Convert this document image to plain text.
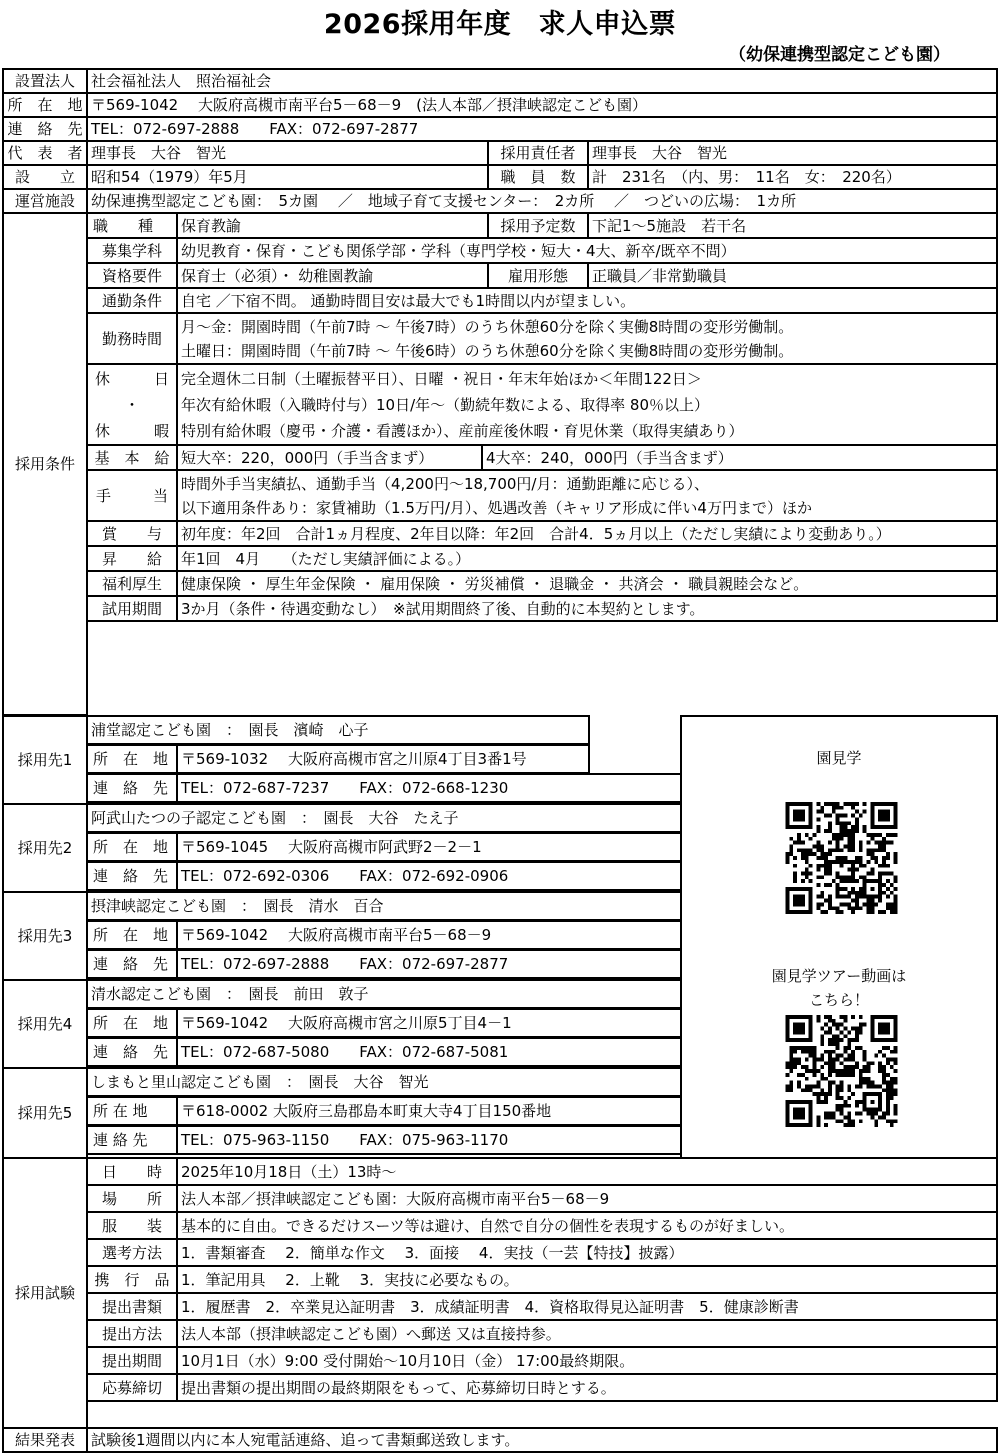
2026採用年度　求人申込票
（幼保連携型認定こども園）
設置法人	社会福祉法人　照治福祉会
所　在　地 〒569-1042　 大阪府高槻市南平台5－68－9　(法人本部／摂津峡認定こども園）
連　絡　先 TEL：072-697-2888　　FAX：072-697-2877
代　表　者 理事長　大谷　智光	採用責任者	理事長　大谷　智光
設　　立	昭和54（1979）年5月	職　員　数	計　231名　（内、男：　11名　女：　220名）
運営施設	幼保連携型認定こども園：　5カ園　 ／　地域子育て支援センター：　2カ所　 ／　つどいの広場：　1カ所
採用条件
職　　種	保育教諭	採用予定数	下記1～5施設　若干名
募集学科	幼児教育・保育・こども関係学部・学科（専門学校・短大・4大、新卒/既卒不問）
資格要件	保育士（必須）・ 幼稚園教諭	雇用形態	正職員／非常勤職員
通勤条件	自宅 ／下宿不問。 通勤時間目安は最大でも1時間以内が望ましい。
勤務時間
月～金：開園時間（午前7時 ～ 午後7時）のうち休憩60分を除く実働8時間の変形労働制。
土曜日：開園時間（午前7時 ～ 午後6時）のうち休憩60分を除く実働8時間の変形労働制。
休	日
・
休	暇
完全週休二日制（土曜振替平日）、日曜 ・祝日・年末年始ほか＜年間122日＞
年次有給休暇（入職時付与）10日/年～（勤続年数による、取得率 80％以上）
特別有給休暇（慶弔・介護・看護ほか）、産前産後休暇・育児休業（取得実績あり）
基　本　給 短大卒：220，000円（手当含まず）	4大卒：240，000円（手当含まず）
手	当
時間外手当実績払、通勤手当（4,200円～18,700円/月：通勤距離に応じる）、
以下適用条件あり：家賃補助（1.5万円/月）、処遇改善（キャリア形成に伴い4万円まで）ほか
賞　　与	初年度：年2回　合計1ヵ月程度、2年目以降：年2回　合計4．5ヵ月以上（ただし実績により変動あり。）
昇　　給	年1回　4月　　（ただし実績評価による。）
福利厚生	健康保険 ・ 厚生年金保険 ・ 雇用保険 ・ 労災補償 ・ 退職金 ・ 共済会 ・ 職員親睦会など。
試用期間	3か月（条件・待遇変動なし）　※試用期間終了後、自動的に本契約とします。
採用先1
浦堂認定こども園　：　園長　濱崎　心子
所　在　地 〒569-1032　 大阪府高槻市宮之川原4丁目3番1号
連　絡　先 TEL：072-687-7237　　FAX：072-668-1230
採用先2
阿武山たつの子認定こども園　：　園長　大谷　たえ子
所　在　地 〒569-1045　 大阪府高槻市阿武野2－2－1
連　絡　先 TEL：072-692-0306　　FAX：072-692-0906
採用先3
摂津峡認定こども園　：　園長　清水　百合
所　在　地 〒569-1042　 大阪府高槻市南平台5－68－9
連　絡　先 TEL：072-697-2888　　FAX：072-697-2877
採用先4
清水認定こども園　：　園長　前田　敦子
所　在　地 〒569-1042　 大阪府高槻市宮之川原5丁目4－1
連　絡　先 TEL：072-687-5080　　FAX：072-687-5081
採用先5
しまもと里山認定こども園　：　園長　大谷　智光
所 在 地	〒618-0002 大阪府三島郡島本町東大寺4丁目150番地
連 絡 先	TEL：075-963-1150　　FAX：075-963-1170
園見学
園見学ツアー動画は
こちら！
採用試験
日　　時	2025年10月18日（土）13時～
場　　所	法人本部／摂津峡認定こども園：大阪府高槻市南平台5－68－9
服　　装	基本的に自由。できるだけスーツ等は避け、自然で自分の個性を表現するものが好ましい。
選考方法	1．書類審査　 2．簡単な作文　 3．面接　 4．実技（一芸【特技】披露）
携　行　品 1．筆記用具　 2．上靴　 3．実技に必要なもの。
提出書類	1．履歴書　2．卒業見込証明書　3．成績証明書　4．資格取得見込証明書　5．健康診断書
提出方法	法人本部（摂津峡認定こども園）へ郵送 又は直接持参。
提出期間	10月1日（水）9:00 受付開始～10月10日（金） 17:00最終期限。
応募締切	提出書類の提出期間の最終期限をもって、応募締切日時とする。
結果発表	試験後1週間以内に本人宛電話連絡、追って書類郵送致します。
